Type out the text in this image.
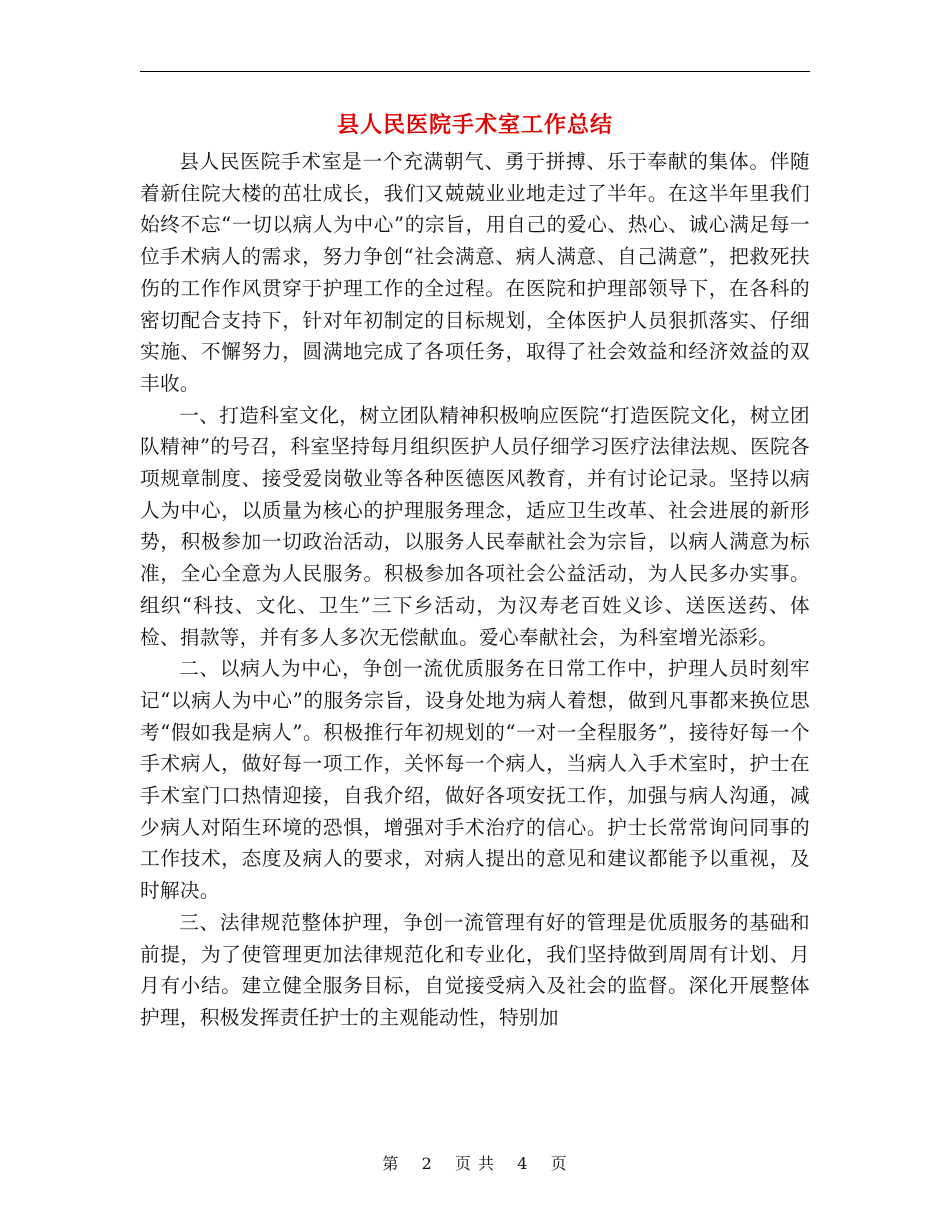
县人民医院手术室工作总结

县人民医院手术室是一个充满朝气、勇于拼搏、乐于奉献的集体。伴随着新住院大楼的茁壮成长，我们又兢兢业业地走过了半年。在这半年里我们始终不忘“一切以病人为中心”的宗旨，用自己的爱心、热心、诚心满足每一位手术病人的需求，努力争创“社会满意、病人满意、自己满意”，把救死扶伤的工作作风贯穿于护理工作的全过程。在医院和护理部领导下，在各科的密切配合支持下，针对年初制定的目标规划，全体医护人员狠抓落实、仔细实施、不懈努力，圆满地完成了各项任务，取得了社会效益和经济效益的双丰收。

一、打造科室文化，树立团队精神积极响应医院“打造医院文化，树立团队精神”的号召，科室坚持每月组织医护人员仔细学习医疗法律法规、医院各项规章制度、接受爱岗敬业等各种医德医风教育，并有讨论记录。坚持以病人为中心，以质量为核心的护理服务理念，适应卫生改革、社会进展的新形势，积极参加一切政治活动，以服务人民奉献社会为宗旨，以病人满意为标准，全心全意为人民服务。积极参加各项社会公益活动，为人民多办实事。组织“科技、文化、卫生”三下乡活动，为汉寿老百姓义诊、送医送药、体检、捐款等，并有多人多次无偿献血。爱心奉献社会，为科室增光添彩。

二、以病人为中心，争创一流优质服务在日常工作中，护理人员时刻牢记“以病人为中心”的服务宗旨，设身处地为病人着想，做到凡事都来换位思考“假如我是病人”。积极推行年初规划的“一对一全程服务”，接待好每一个手术病人，做好每一项工作，关怀每一个病人，当病人入手术室时，护士在手术室门口热情迎接，自我介绍，做好各项安抚工作，加强与病人沟通，减少病人对陌生环境的恐惧，增强对手术治疗的信心。护士长常常询问同事的工作技术，态度及病人的要求，对病人提出的意见和建议都能予以重视，及时解决。

三、法律规范整体护理，争创一流管理有好的管理是优质服务的基础和前提，为了使管理更加法律规范化和专业化，我们坚持做到周周有计划、月月有小结。建立健全服务目标，自觉接受病入及社会的监督。深化开展整体护理，积极发挥责任护士的主观能动性，特别加

第 2 页 共 4 页
